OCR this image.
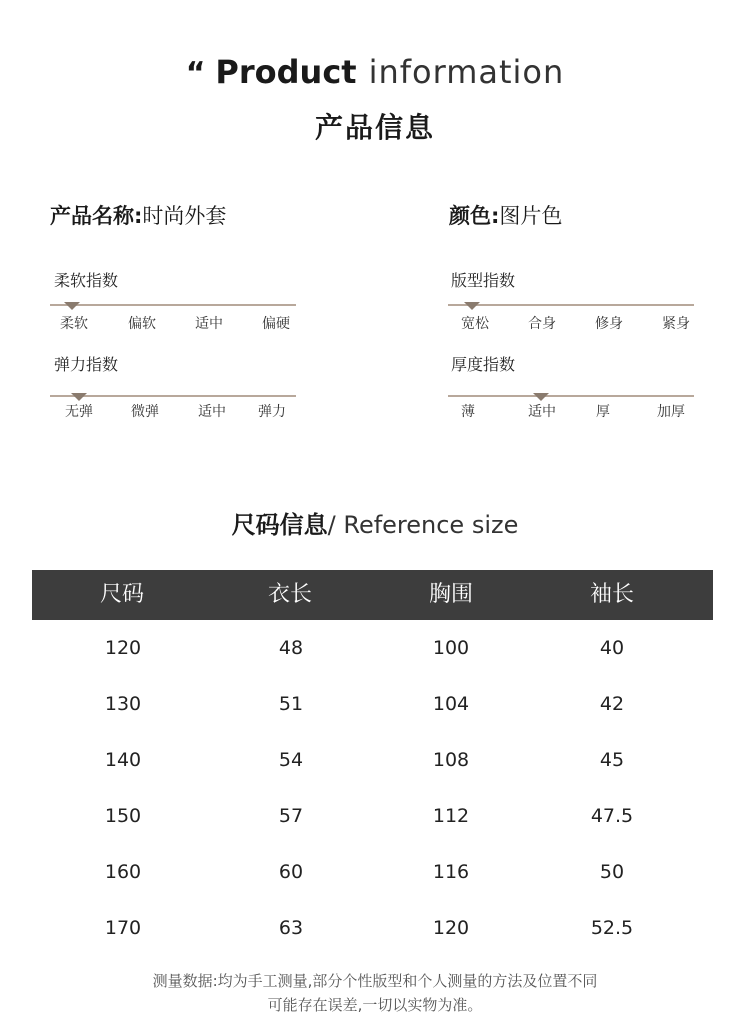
“ Product information
产品信息
产品名称:时尚外套	颜色:图片色
柔软指数
柔软	偏软	适中	偏硬
弹力指数
无弹	微弹	适中 弹力
版型指数
宽松	合身	修身	紧身
厚度指数
薄	适中	厚	加厚
尺码信息/ Reference size
尺码	衣长	胸围	袖长
120	48	100	40
130	51	104	42
140	54	108	45
150	57	112	47.5
160	60	116	50
170	63	120	52.5
测量数据:均为手工测量,部分个性版型和个人测量的方法及位置不同
可能存在误差,一切以实物为准。
